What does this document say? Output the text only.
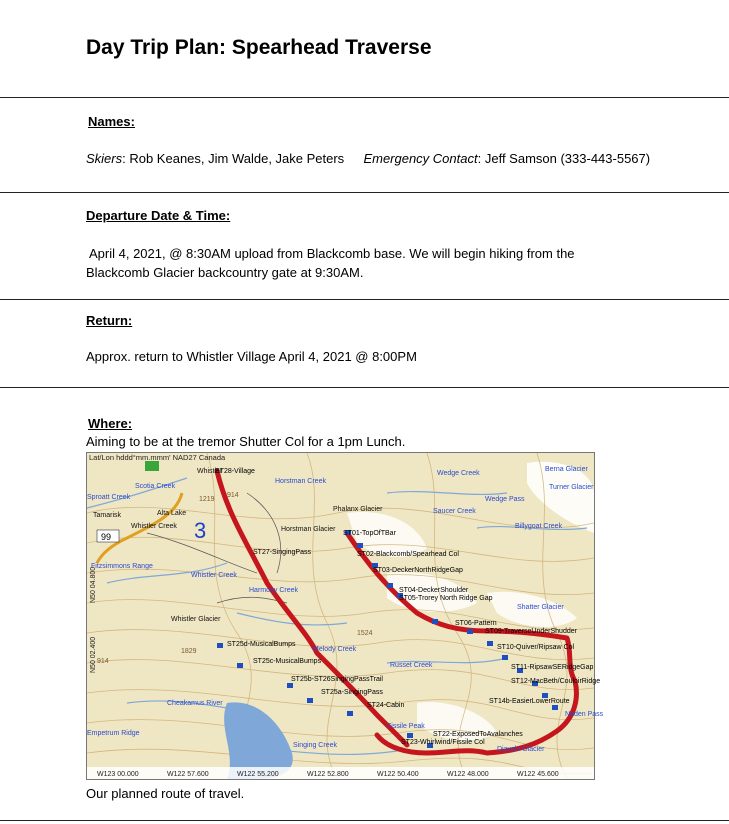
Day Trip Plan: Spearhead Traverse
Names:
Skiers: Rob Keanes, Jim Walde, Jake Peters Emergency Contact: Jeff Samson (333-443-5567)
Departure Date & Time:
April 4, 2021, @ 8:30AM upload from Blackcomb base. We will begin hiking from the
Blackcomb Glacier backcountry gate at 9:30AM.
Return:
Approx. return to Whistler Village April 4, 2021 @ 8:00PM
Where:
Aiming to be at the tremor Shutter Col for a 1pm Lunch.
3
99
Lat/Lon hddd°mm.mmm' NAD27 Canada
N50 04.800
N50 02.400
Scotia Creek
Sproatt Creek
Fitzsimmons Range
Whistler Creek
Harmony Creek
Horstman Creek
Wedge Creek
Wedge Pass
Saucer Creek
Billygoat Creek
Berna Glacier
Turner Glacier
Shatter Glacier
Russet Creek
Melody Creek
Cheakamus River
Empetrum Ridge
Singing Creek
Diavolo Glacier
Naden Pass
Fissile Peak
Whistler
Tamarisk	Alta Lake
Whistler Creek	Horstman Glacier
Phalanx Glacier
Whistler Glacier
ST28-Village
ST27-SingingPass
ST01-TopOfTBar
ST02-Blackcomb/Spearhead Col
ST03-DeckerNorthRidgeGap
ST04-DeckerShoulder
ST05-Trorey North Ridge Gap
ST06-Pattern
ST09-TraverseUnderShudder
ST10-Quiver/Ripsaw Col
ST11-RipsawSERidgeGap
ST12-MacBeth/CouloirRidge
ST14b-EasierLowerRoute
ST25d-MusicalBumps
ST25c-MusicalBumps
ST25b-ST26SingingPassTrail
ST25a-SingingPass
ST24-Cabin
ST22-ExposedToAvalanches
ST23-Whirlwind/Fissile Col
1219
914
1524
1829
914
W123 00.000	W122 57.600	W122 55.200	W122 52.800	W122 50.400	W122 48.000	W122 45.600
Our planned route of travel.
